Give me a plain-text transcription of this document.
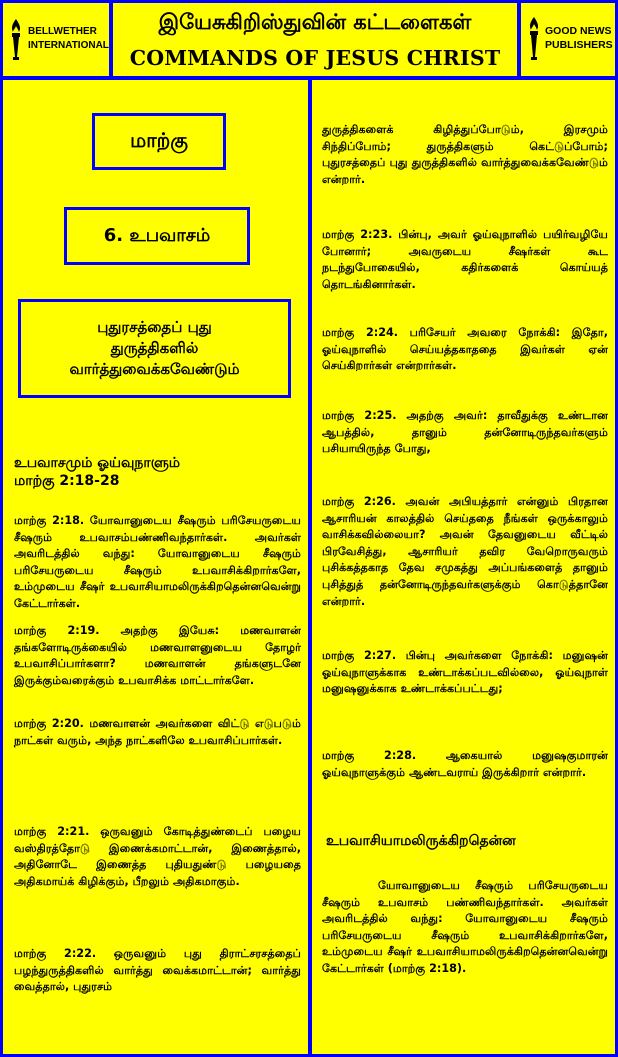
BELLWETHER
INTERNATIONAL
இயேசுகிறிஸ்துவின் கட்டளைகள்
COMMANDS OF JESUS CHRIST
GOOD NEWS
PUBLISHERS
மாற்கு
6. உபவாசம்
புதுரசத்தைப் புது
துருத்திகளில்
வார்த்துவைக்கவேண்டும்
உபவாசமும் ஓய்வுநாளும்
மாற்கு 2:18-28
மாற்கு 2:18. யோவானுடைய சீஷரும் பரிசேயருடைய சீஷரும் உபவாசம்பண்ணிவந்தார்கள். அவர்கள் அவரிடத்தில் வந்து: யோவானுடைய சீஷரும் பரிசேயருடைய சீஷரும் உபவாசிக்கிறார்களே, உம்முடைய சீஷர் உபவாசியாமலிருக்கிறதென்னவென்று கேட்டார்கள்.
மாற்கு 2:19. அதற்கு இயேசு: மணவாளன் தங்களோடிருக்கையில் மணவாளனுடைய தோழர் உபவாசிப்பார்களா? மணவாளன் தங்களுடனே இருக்கும்வரைக்கும் உபவாசிக்க மாட்டார்களே.
மாற்கு 2:20. மணவாளன் அவர்களை விட்டு எடுபடும் நாட்கள் வரும், அந்த நாட்களிலே உபவாசிப்பார்கள்.
மாற்கு 2:21. ஒருவனும் கோடித்துண்டைப் பழைய வஸ்திரத்தோடு இணைக்கமாட்டான், இணைத்தால், அதினோடே இணைத்த புதியதுண்டு பழையதை அதிகமாய்க் கிழிக்கும், பீறலும் அதிகமாகும்.
மாற்கு 2:22. ஒருவனும் புது திராட்சரசத்தைப் பழந்துருத்திகளில் வார்த்து வைக்கமாட்டான்; வார்த்து வைத்தால், புதுரசம்
துருத்திகளைக் கிழித்துப்போடும், இரசமும் சிந்திப்போம்; துருத்திகளும் கெட்டுப்போம்; புதுரசத்தைப் புது துருத்திகளில் வார்த்துவைக்கவேண்டும் என்றார்.
மாற்கு 2:23. பின்பு, அவர் ஓய்வுநாளில் பயிர்வழியே போனார்; அவருடைய சீஷர்கள் கூட நடந்துபோகையில், கதிர்களைக் கொய்யத் தொடங்கினார்கள்.
மாற்கு 2:24. பரிசேயர் அவரை நோக்கி: இதோ, ஓய்வுநாளில் செய்யத்தகாததை இவர்கள் ஏன் செய்கிறார்கள் என்றார்கள்.
மாற்கு 2:25. அதற்கு அவர்: தாவீதுக்கு உண்டான ஆபத்தில், தானும் தன்னோடிருந்தவர்களும் பசியாயிருந்த போது,
மாற்கு 2:26. அவன் அபியத்தார் என்னும் பிரதான ஆசாரியன் காலத்தில் செய்ததை நீங்கள் ஒருக்காலும் வாசிக்கவில்லையா? அவன் தேவனுடைய வீட்டில் பிரவேசித்து, ஆசாரியர் தவிர வேறொருவரும் புசிக்கத்தகாத தேவ சமுகத்து அப்பங்களைத் தானும் புசித்துத் தன்னோடிருந்தவர்களுக்கும் கொடுத்தானே என்றார்.
மாற்கு 2:27. பின்பு அவர்களை நோக்கி: மனுஷன் ஓய்வுநாளுக்காக உண்டாக்கப்படவில்லை, ஓய்வுநாள் மனுஷனுக்காக உண்டாக்கப்பட்டது;
மாற்கு 2:28. ஆகையால் மனுஷகுமாரன் ஓய்வுநாளுக்கும் ஆண்டவராய் இருக்கிறார் என்றார்.
உபவாசியாமலிருக்கிறதென்ன
யோவானுடைய சீஷரும் பரிசேயருடைய சீஷரும் உபவாசம் பண்ணிவந்தார்கள். அவர்கள் அவரிடத்தில் வந்து: யோவானுடைய சீஷரும் பரிசேயருடைய சீஷரும் உபவாசிக்கிறார்களே, உம்முடைய சீஷர் உபவாசியாமலிருக்கிறதென்னவென்று கேட்டார்கள் (மாற்கு 2:18).
